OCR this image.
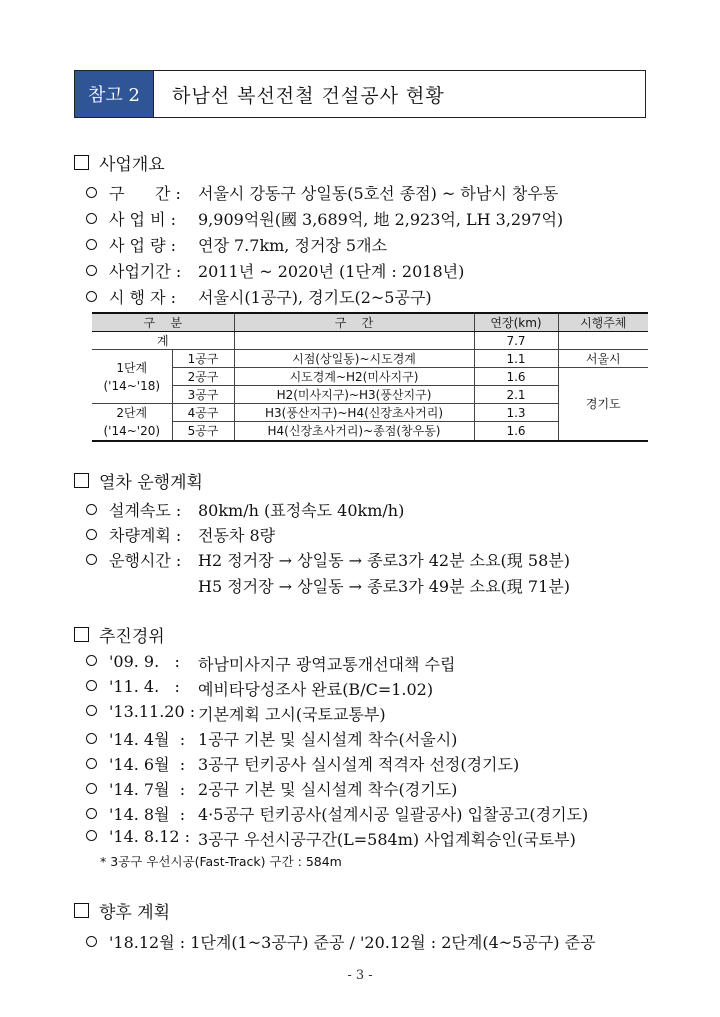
참고 2	하남선 복선전철 건설공사 현황
사업개요
구      간 : 서울시 강동구 상일동(5호선 종점) ~ 하남시 창우동
사 업 비 : 9,909억원(國 3,689억, 地 2,923억, LH 3,297억)
사 업 량 : 연장 7.7km, 정거장 5개소
사업기간 : 2011년 ~ 2020년 (1단계 : 2018년)
시 행 자 : 서울시(1공구), 경기도(2~5공구)
구    분		구    간	연장(km)	시행주체
계			7.7	
1단계
('14~'18)	1공구	시점(상일동)~시도경계	1.1	서울시
	2공구	시도경계~H2(미사지구)	1.6	경기도
	3공구	H2(미사지구)~H3(풍산지구)	2.1	
2단계
('14~'20)	4공구	H3(풍산지구)~H4(신장초사거리)	1.3	
	5공구	H4(신장초사거리)~종점(창우동)	1.6	
열차 운행계획
설계속도 : 80km/h (표정속도 40km/h)
차량계획 : 전동차 8량
운행시간 : H2 정거장 → 상일동 → 종로3가 42분 소요(現 58분)
H5 정거장 → 상일동 → 종로3가 49분 소요(現 71분)
추진경위
'09. 9.   : 하남미사지구 광역교통개선대책 수립
'11. 4.   : 예비타당성조사 완료(B/C=1.02)
'13.11.20 : 기본계획 고시(국토교통부)
'14. 4월  : 1공구 기본 및 실시설계 착수(서울시)
'14. 6월  : 3공구 턴키공사 실시설계 적격자 선정(경기도)
'14. 7월  : 2공구 기본 및 실시설계 착수(경기도)
'14. 8월  : 4·5공구 턴키공사(설계시공 일괄공사) 입찰공고(경기도)
'14. 8.12 : 3공구 우선시공구간(L=584m) 사업계획승인(국토부)
* 3공구 우선시공(Fast-Track) 구간 : 584m
향후 계획
'18.12월 : 1단계(1~3공구) 준공 / '20.12월 : 2단계(4~5공구) 준공
- 3 -
